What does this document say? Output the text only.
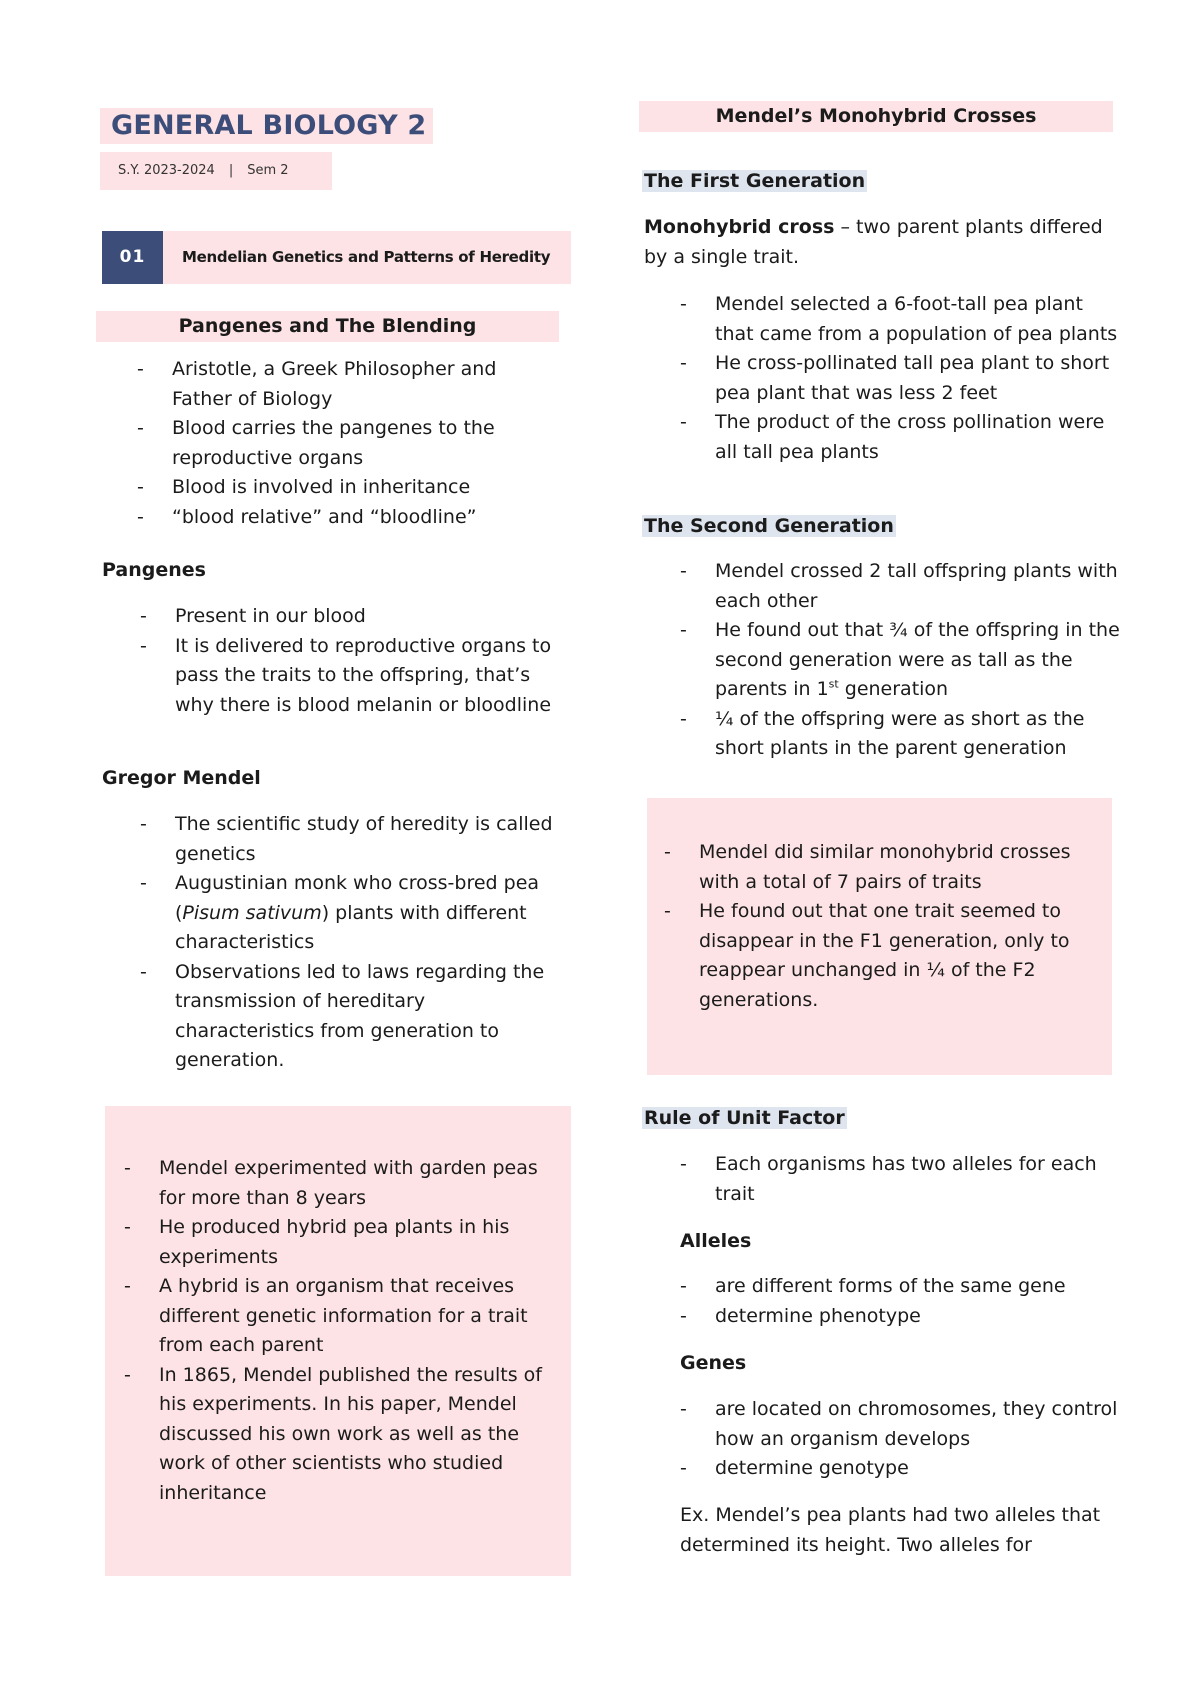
GENERAL BIOLOGY 2
S.Y. 2023-2024 | Sem 2
01	Mendelian Genetics and Patterns of Heredity
Pangenes and The Blending
- Aristotle, a Greek Philosopher and Father of Biology
- Blood carries the pangenes to the reproductive organs
- Blood is involved in inheritance
- “blood relative” and “bloodline”
Pangenes
- Present in our blood
- It is delivered to reproductive organs to pass the traits to the offspring, that’s why there is blood melanin or bloodline
Gregor Mendel
- The scientific study of heredity is called genetics
- Augustinian monk who cross-bred pea (Pisum sativum) plants with different characteristics
- Observations led to laws regarding the transmission of hereditary characteristics from generation to generation.
- Mendel experimented with garden peas for more than 8 years
- He produced hybrid pea plants in his experiments
- A hybrid is an organism that receives different genetic information for a trait from each parent
- In 1865, Mendel published the results of his experiments. In his paper, Mendel discussed his own work as well as the work of other scientists who studied inheritance
Mendel’s Monohybrid Crosses
The First Generation

Monohybrid cross – two parent plants differed by a single trait.

- Mendel selected a 6-foot-tall pea plant that came from a population of pea plants
- He cross-pollinated tall pea plant to short pea plant that was less 2 feet
- The product of the cross pollination were all tall pea plants
The Second Generation
- Mendel crossed 2 tall offspring plants with each other
- He found out that ¾ of the offspring in the second generation were as tall as the parents in 1st generation
- ¼ of the offspring were as short as the short plants in the parent generation
- Mendel did similar monohybrid crosses with a total of 7 pairs of traits
- He found out that one trait seemed to disappear in the F1 generation, only to reappear unchanged in ¼ of the F2 generations.
Rule of Unit Factor
- Each organisms has two alleles for each trait
Alleles
- are different forms of the same gene
- determine phenotype
Genes
- are located on chromosomes, they control how an organism develops
- determine genotype

Ex. Mendel’s pea plants had two alleles that determined its height. Two alleles for
